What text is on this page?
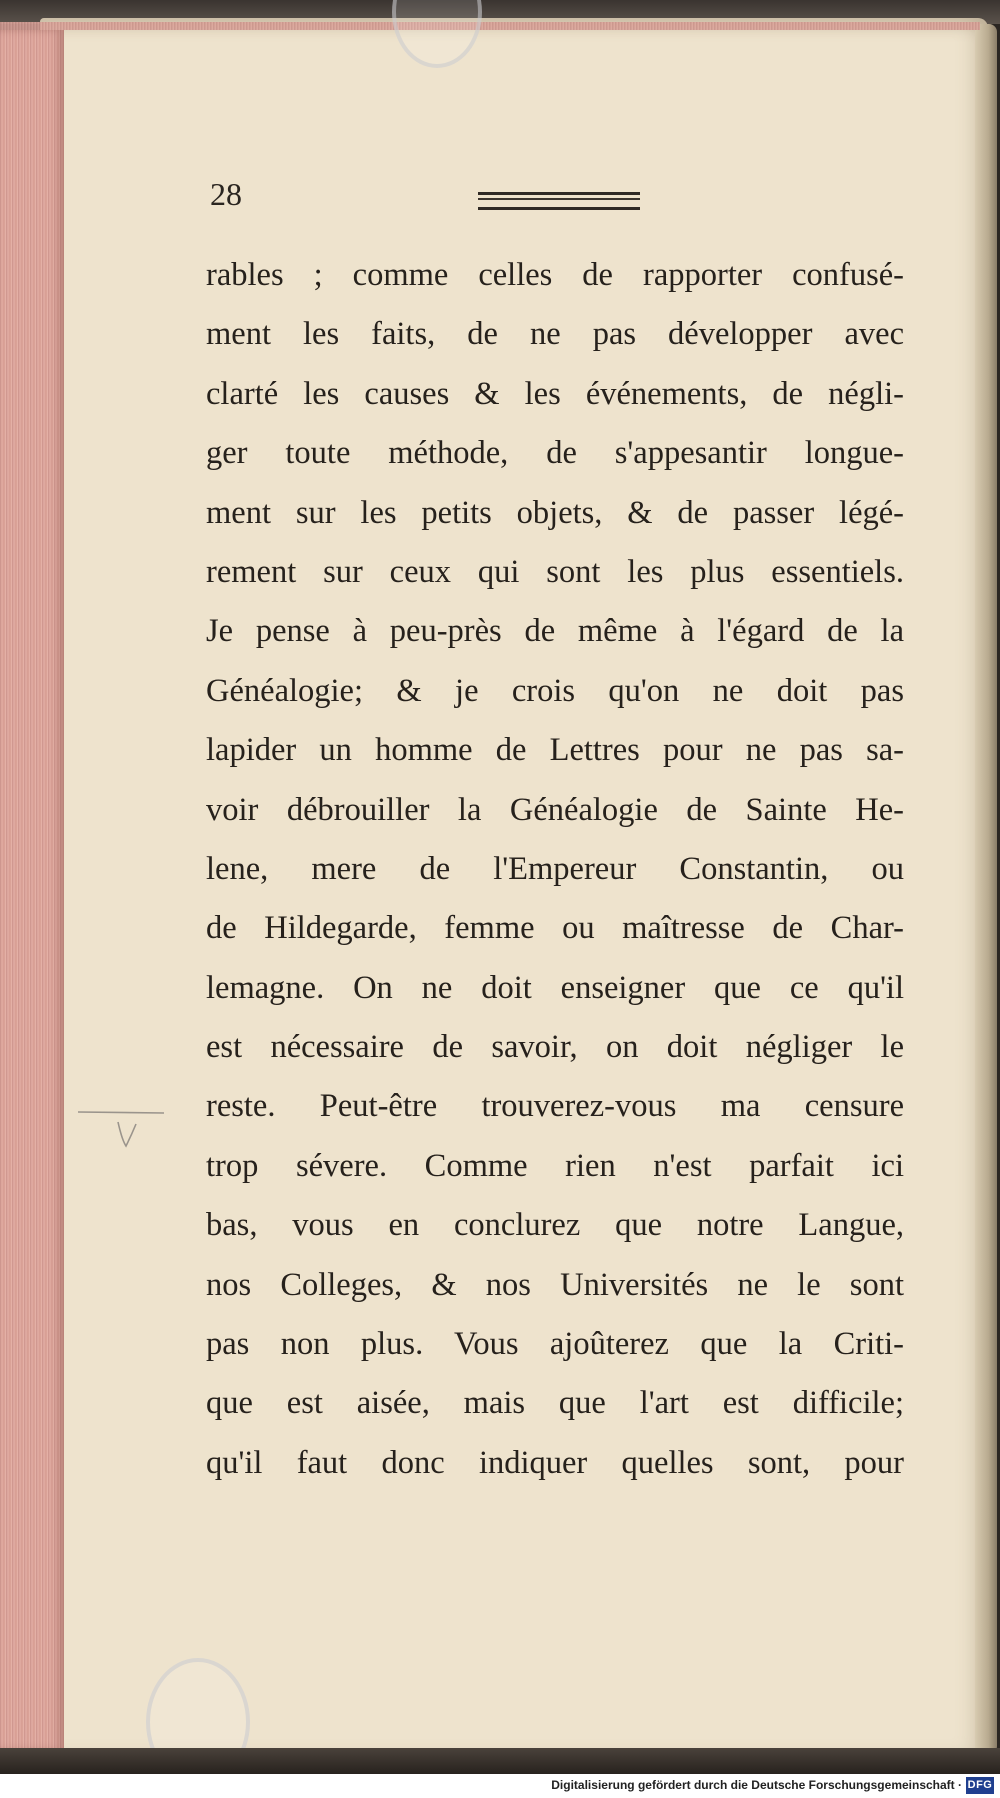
28

rables ; comme celles de rapporter confusé-
ment les faits, de ne pas développer avec
clarté les causes & les événements, de négli-
ger toute méthode, de s'appesantir longue-
ment sur les petits objets, & de passer légé-
rement sur ceux qui sont les plus essentiels.
Je pense à peu-près de même à l'égard de la
Généalogie; & je crois qu'on ne doit pas
lapider un homme de Lettres pour ne pas sa-
voir débrouiller la Généalogie de Sainte He-
lene, mere de l'Empereur Constantin, ou
de Hildegarde, femme ou maîtresse de Char-
lemagne. On ne doit enseigner que ce qu'il
est nécessaire de savoir, on doit négliger le
reste. Peut-être trouverez-vous ma censure
trop sévere. Comme rien n'est parfait ici
bas, vous en conclurez que notre Langue,
nos Colleges, & nos Universités ne le sont
pas non plus. Vous ajoûterez que la Criti-
que est aisée, mais que l'art est difficile;
qu'il faut donc indiquer quelles sont, pour

Digitalisierung gefördert durch die Deutsche Forschungsgemeinschaft · DFG
